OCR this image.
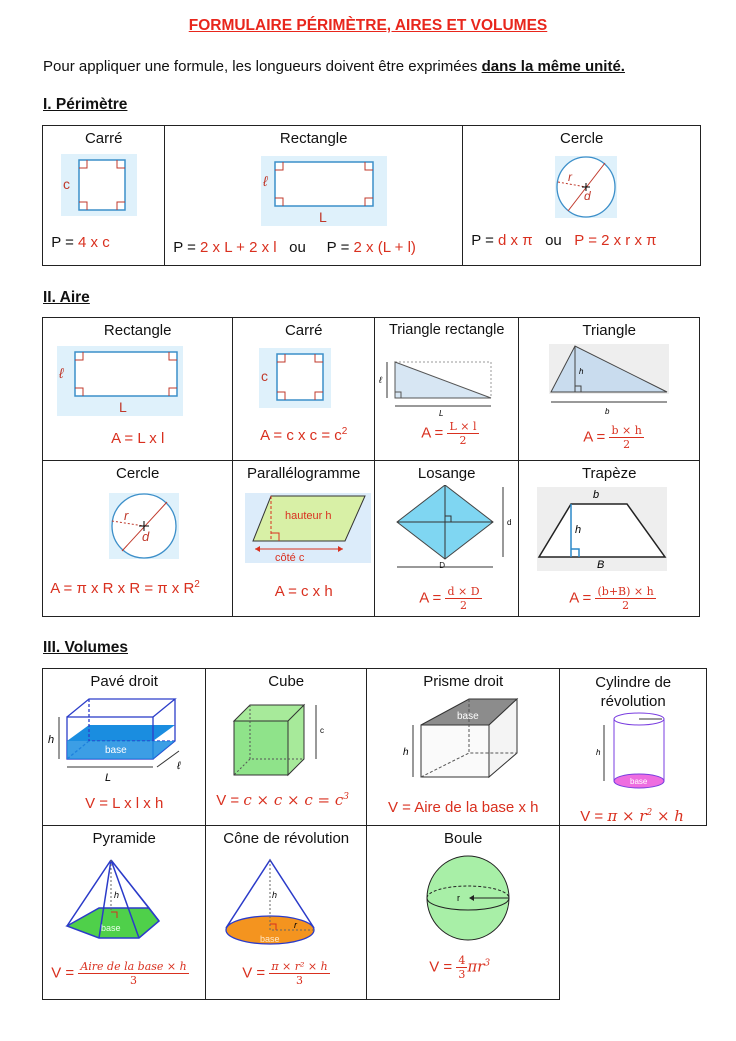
FORMULAIRE PÉRIMÈTRE, AIRES ET VOLUMES
Pour appliquer une formule, les longueurs doivent être exprimées dans la même unité.
I. Périmètre
Carré
c
P = 4 x c
Rectangle
ℓ
L
P = 2 x L + 2 x l ou P = 2 x (L + l)
Cercle
r
d
P = d x π ou P = 2 x r x π
II. Aire
Rectangle
ℓ
L
A = L x l
Carré
c
A = c x $c = c^2$
Triangle rectangle
ℓ
L
$A = \frac{L \times l}{2}$
Triangle
h
b
$A = \frac{b \times h}{2}$
Cercle
r
d
A = π x R x R = π x $R^2$
Parallélogramme
hauteur h
côté c
A = c x h
Losange
d
D
$A = \frac{d \times D}{2}$
Trapèze
b
h
B
$A = \frac{(b+B) \times h}{2}$
III. Volumes
Pavé droit
base
h
L
ℓ
V = L x l x h
Cube
c
$V = c \times c \times c = c^3$
Prisme droit
base
h
V = Aire de la base x h
Cylindre de
révolution
base
h
$V = \pi \times r^2 \times h$
Pyramide
h
base
$V = \frac{\text{Aire de la base × h}}{3}$
Cône de révolution
h
r
base
$V = \frac{\text{π × r² × h}}{3}$
Boule
r
$V = \frac{4}{3} \pi r^3$
